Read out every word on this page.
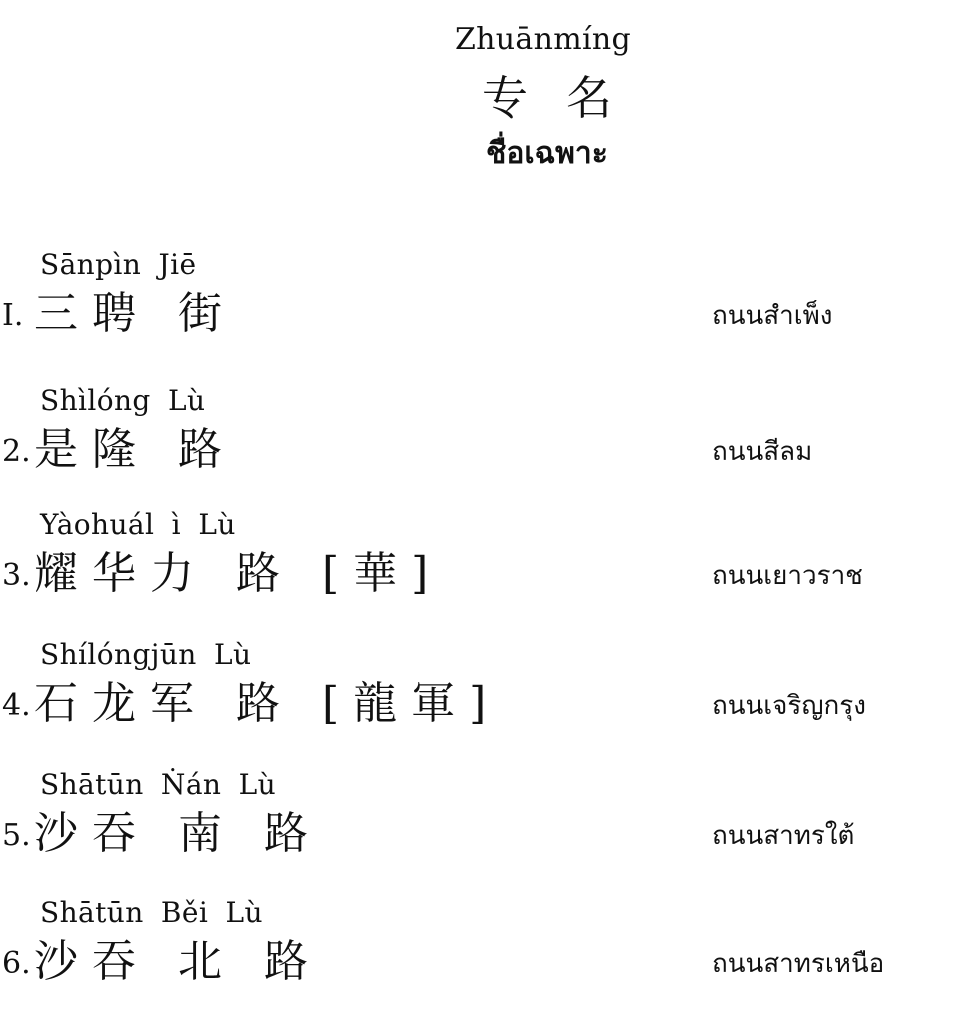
Zhuānmíng
专名
ชื่อเฉพาะ
Sānpìn Jiē
I. 三聘 街	ถนนสำเพ็ง
Shìlóng Lù
2. 是隆 路	ถนนสีลม
Yàohuál ì Lù
3. 耀华力 路 [華]	ถนนเยาวราช
Shílóngjūn Lù
4. 石龙军 路 [龍軍]	ถนนเจริญกรุง
Shātūn Ṅán Lù
5. 沙吞 南 路	ถนนสาทรใต้
Shātūn Běi Lù
6. 沙吞 北 路	ถนนสาทรเหนือ
